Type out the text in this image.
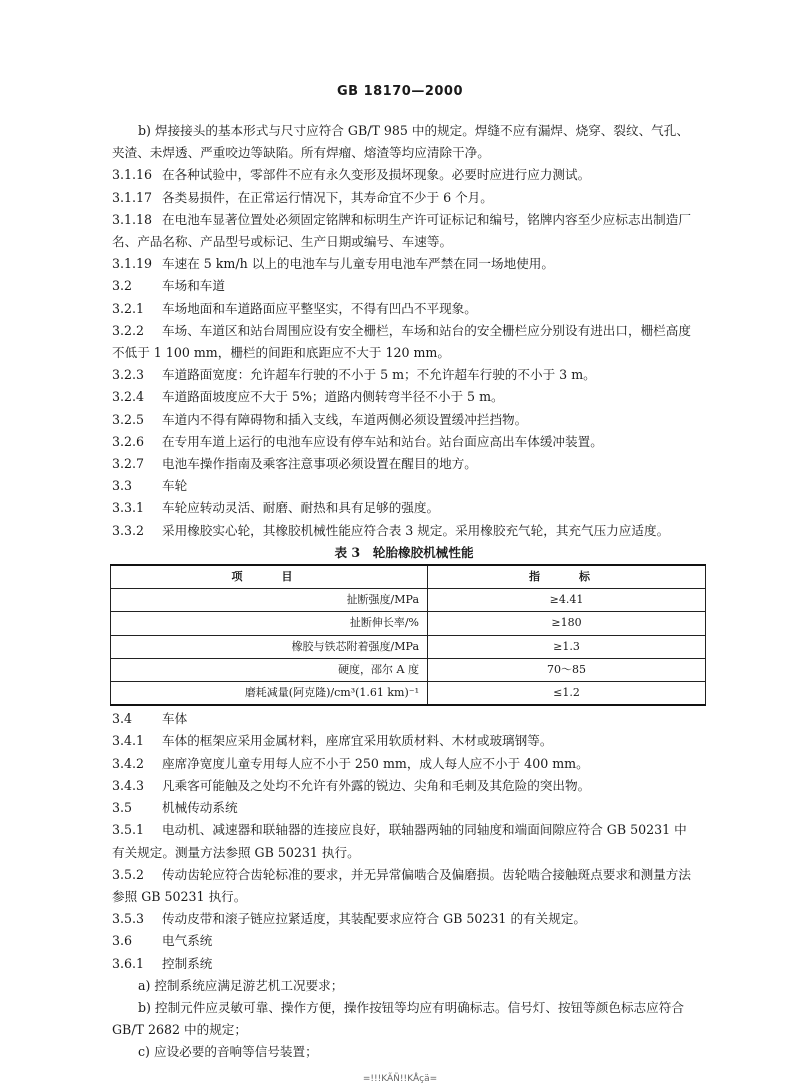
GB 18170—2000

b) 焊接接头的基本形式与尺寸应符合 GB/T 985 中的规定。焊缝不应有漏焊、烧穿、裂纹、气孔、夹渣、未焊透、严重咬边等缺陷。所有焊瘤、熔渣等均应清除干净。

3.1.16 在各种试验中，零部件不应有永久变形及损坏现象。必要时应进行应力测试。

3.1.17 各类易损件，在正常运行情况下，其寿命宜不少于 6 个月。

3.1.18 在电池车显著位置处必须固定铭牌和标明生产许可证标记和编号，铭牌内容至少应标志出制造厂名、产品名称、产品型号或标记、生产日期或编号、车速等。

3.1.19 车速在 5 km/h 以上的电池车与儿童专用电池车严禁在同一场地使用。

3.2 车场和车道

3.2.1 车场地面和车道路面应平整坚实，不得有凹凸不平现象。

3.2.2 车场、车道区和站台周围应设有安全栅栏，车场和站台的安全栅栏应分别设有进出口，栅栏高度不低于 1 100 mm，栅栏的间距和底距应不大于 120 mm。

3.2.3 车道路面宽度：允许超车行驶的不小于 5 m；不允许超车行驶的不小于 3 m。

3.2.4 车道路面坡度应不大于 5%；道路内侧转弯半径不小于 5 m。

3.2.5 车道内不得有障碍物和插入支线，车道两侧必须设置缓冲拦挡物。

3.2.6 在专用车道上运行的电池车应设有停车站和站台。站台面应高出车体缓冲装置。

3.2.7 电池车操作指南及乘客注意事项必须设置在醒目的地方。

3.3 车轮

3.3.1 车轮应转动灵活、耐磨、耐热和具有足够的强度。

3.3.2 采用橡胶实心轮，其橡胶机械性能应符合表 3 规定。采用橡胶充气轮，其充气压力应适度。

表 3　轮胎橡胶机械性能

项　目	指　标
扯断强度/MPa	≥4.41
扯断伸长率/%	≥180
橡胶与铁芯附着强度/MPa	≥1.3
硬度，邵尔 A 度	70～85
磨耗减量(阿克隆)/cm³(1.61 km)⁻¹	≤1.2

3.4 车体

3.4.1 车体的框架应采用金属材料，座席宜采用软质材料、木材或玻璃钢等。

3.4.2 座席净宽度儿童专用每人应不小于 250 mm，成人每人应不小于 400 mm。

3.4.3 凡乘客可能触及之处均不允许有外露的锐边、尖角和毛刺及其危险的突出物。

3.5 机械传动系统

3.5.1 电动机、减速器和联轴器的连接应良好，联轴器两轴的同轴度和端面间隙应符合 GB 50231 中有关规定。测量方法参照 GB 50231 执行。

3.5.2 传动齿轮应符合齿轮标准的要求，并无异常偏啮合及偏磨损。齿轮啮合接触斑点要求和测量方法参照 GB 50231 执行。

3.5.3 传动皮带和滚子链应拉紧适度，其装配要求应符合 GB 50231 的有关规定。

3.6 电气系统

3.6.1 控制系统

a) 控制系统应满足游艺机工况要求；

b) 控制元件应灵敏可靠、操作方便，操作按钮等均应有明确标志。信号灯、按钮等颜色标志应符合 GB/T 2682 中的规定；

c) 应设必要的音响等信号装置；

=!!!KÃÑ!!KÅçä=
